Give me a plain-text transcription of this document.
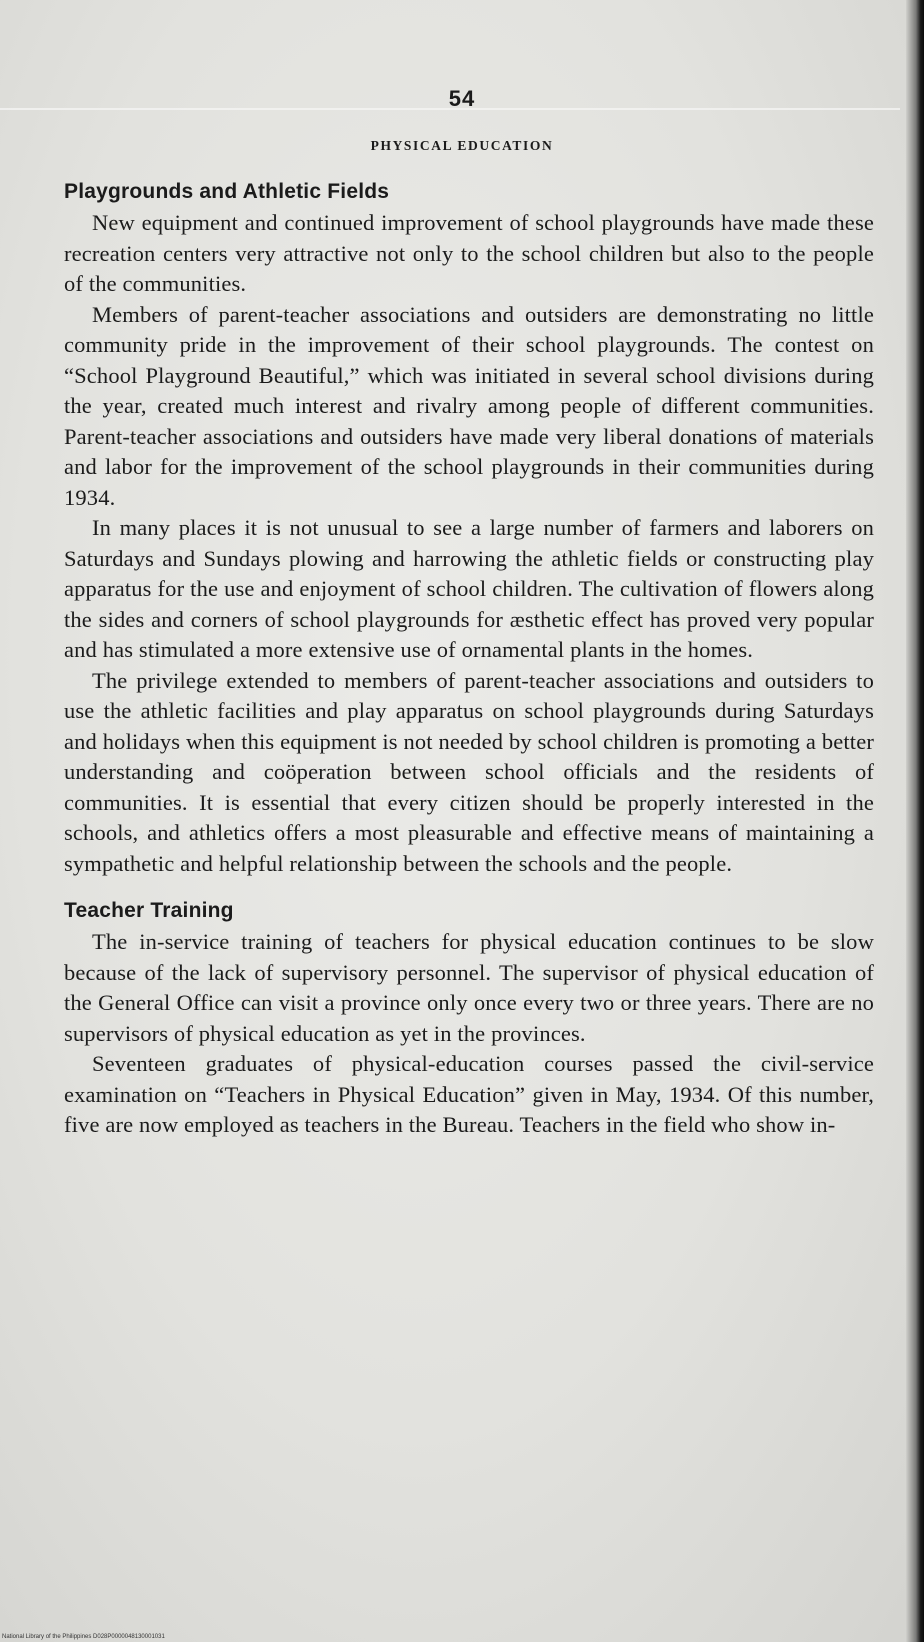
54
PHYSICAL EDUCATION
Playgrounds and Athletic Fields

New equipment and continued improvement of school playgrounds have made these recreation centers very attractive not only to the school children but also to the people of the communities.

Members of parent-teacher associations and outsiders are demonstrating no little community pride in the improvement of their school playgrounds. The contest on “School Playground Beautiful,” which was initiated in several school divisions during the year, created much interest and rivalry among people of different communities. Parent-teacher associations and outsiders have made very liberal donations of materials and labor for the improvement of the school playgrounds in their communities during 1934.

In many places it is not unusual to see a large number of farmers and laborers on Saturdays and Sundays plowing and harrowing the athletic fields or constructing play apparatus for the use and enjoyment of school children. The cultivation of flowers along the sides and corners of school playgrounds for æsthetic effect has proved very popular and has stimulated a more extensive use of ornamental plants in the homes.

The privilege extended to members of parent-teacher associations and outsiders to use the athletic facilities and play apparatus on school playgrounds during Saturdays and holidays when this equipment is not needed by school children is promoting a better understanding and coöperation between school officials and the residents of communities. It is essential that every citizen should be properly interested in the schools, and athletics offers a most pleasurable and effective means of maintaining a sympathetic and helpful relationship between the schools and the people.

Teacher Training

The in-service training of teachers for physical education continues to be slow because of the lack of supervisory personnel. The supervisor of physical education of the General Office can visit a province only once every two or three years. There are no supervisors of physical education as yet in the provinces.

Seventeen graduates of physical-education courses passed the civil-service examination on “Teachers in Physical Education” given in May, 1934. Of this number, five are now employed as teachers in the Bureau. Teachers in the field who show in-

National Library of the Philippines D028P0000048130001031
